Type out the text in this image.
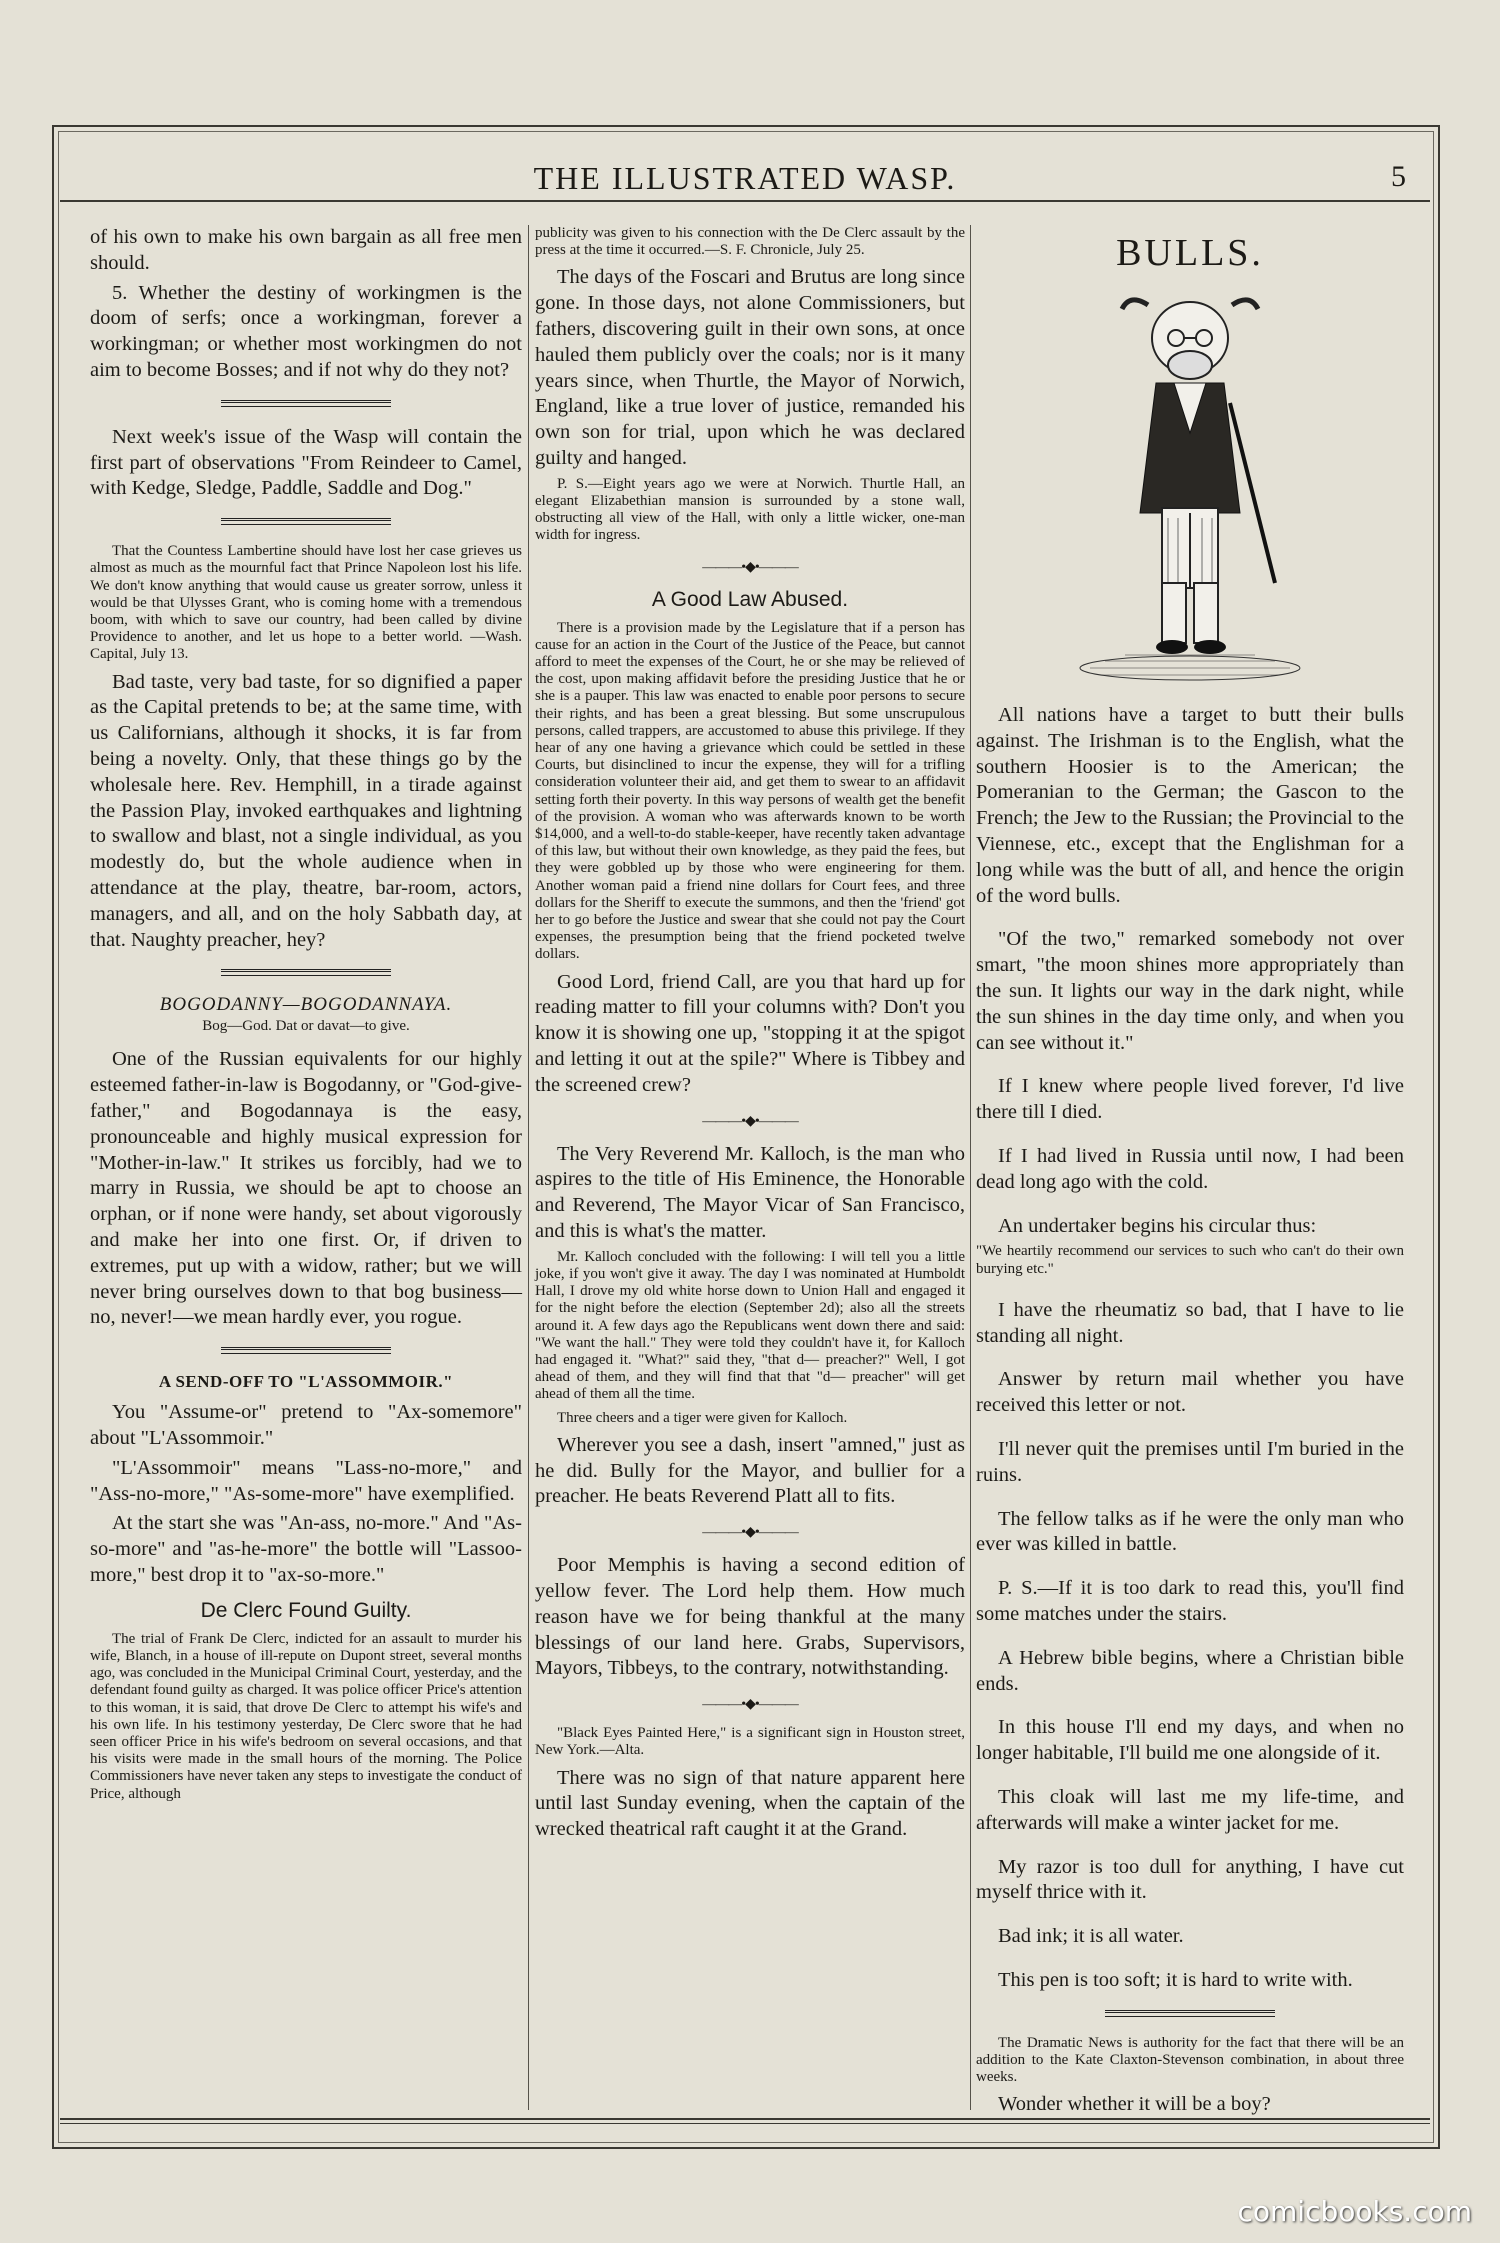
THE ILLUSTRATED WASP.	5

of his own to make his own bargain as all free men should.

5. Whether the destiny of workingmen is the doom of serfs; once a workingman, forever a workingman; or whether most workingmen do not aim to become Bosses; and if not why do they not?

Next week's issue of the Wasp will contain the first part of observations "From Reindeer to Camel, with Kedge, Sledge, Paddle, Saddle and Dog."

That the Countess Lambertine should have lost her case grieves us almost as much as the mournful fact that Prince Napoleon lost his life. We don't know anything that would cause us greater sorrow, unless it would be that Ulysses Grant, who is coming home with a tremendous boom, with which to save our country, had been called by divine Providence to another, and let us hope to a better world. —Wash. Capital, July 13.

Bad taste, very bad taste, for so dignified a paper as the Capital pretends to be; at the same time, with us Californians, although it shocks, it is far from being a novelty. Only, that these things go by the wholesale here. Rev. Hemphill, in a tirade against the Passion Play, invoked earthquakes and lightning to swallow and blast, not a single individual, as you modestly do, but the whole audience when in attendance at the play, theatre, bar-room, actors, managers, and all, and on the holy Sabbath day, at that. Naughty preacher, hey?

BOGODANNY—BOGODANNAYA.
Bog—God. Dat or davat—to give.

One of the Russian equivalents for our highly esteemed father-in-law is Bogodanny, or "God-give-father," and Bogodannaya is the easy, pronounceable and highly musical expression for "Mother-in-law." It strikes us forcibly, had we to marry in Russia, we should be apt to choose an orphan, or if none were handy, set about vigorously and make her into one first. Or, if driven to extremes, put up with a widow, rather; but we will never bring ourselves down to that bog business—no, never!—we mean hardly ever, you rogue.

A SEND-OFF TO "L'ASSOMMOIR."

You "Assume-or" pretend to "Ax-somemore" about "L'Assommoir."

"L'Assommoir" means "Lass-no-more," and "Ass-no-more," "As-some-more" have exemplified.

At the start she was "An-ass, no-more." And "As-so-more" and "as-he-more" the bottle will "Lassoo-more," best drop it to "ax-so-more."

De Clerc Found Guilty.

The trial of Frank De Clerc, indicted for an assault to murder his wife, Blanch, in a house of ill-repute on Dupont street, several months ago, was concluded in the Municipal Criminal Court, yesterday, and the defendant found guilty as charged. It was police officer Price's attention to this woman, it is said, that drove De Clerc to attempt his wife's and his own life. In his testimony yesterday, De Clerc swore that he had seen officer Price in his wife's bedroom on several occasions, and that his visits were made in the small hours of the morning. The Police Commissioners have never taken any steps to investigate the conduct of Price, although

publicity was given to his connection with the De Clerc assault by the press at the time it occurred.—S. F. Chronicle, July 25.

The days of the Foscari and Brutus are long since gone. In those days, not alone Commissioners, but fathers, discovering guilt in their own sons, at once hauled them publicly over the coals; nor is it many years since, when Thurtle, the Mayor of Norwich, England, like a true lover of justice, remanded his own son for trial, upon which he was declared guilty and hanged.

P. S.—Eight years ago we were at Norwich. Thurtle Hall, an elegant Elizabethian mansion is surrounded by a stone wall, obstructing all view of the Hall, with only a little wicker, one-man width for ingress.

———•◆•———
A Good Law Abused.

There is a provision made by the Legislature that if a person has cause for an action in the Court of the Justice of the Peace, but cannot afford to meet the expenses of the Court, he or she may be relieved of the cost, upon making affidavit before the presiding Justice that he or she is a pauper. This law was enacted to enable poor persons to secure their rights, and has been a great blessing. But some unscrupulous persons, called trappers, are accustomed to abuse this privilege. If they hear of any one having a grievance which could be settled in these Courts, but disinclined to incur the expense, they will for a trifling consideration volunteer their aid, and get them to swear to an affidavit setting forth their poverty. In this way persons of wealth get the benefit of the provision. A woman who was afterwards known to be worth $14,000, and a well-to-do stable-keeper, have recently taken advantage of this law, but without their own knowledge, as they paid the fees, but they were gobbled up by those who were engineering for them. Another woman paid a friend nine dollars for Court fees, and three dollars for the Sheriff to execute the summons, and then the 'friend' got her to go before the Justice and swear that she could not pay the Court expenses, the presumption being that the friend pocketed twelve dollars.

Good Lord, friend Call, are you that hard up for reading matter to fill your columns with? Don't you know it is showing one up, "stopping it at the spigot and letting it out at the spile?" Where is Tibbey and the screened crew?

———•◆•———

The Very Reverend Mr. Kalloch, is the man who aspires to the title of His Eminence, the Honorable and Reverend, The Mayor Vicar of San Francisco, and this is what's the matter.

Mr. Kalloch concluded with the following: I will tell you a little joke, if you won't give it away. The day I was nominated at Humboldt Hall, I drove my old white horse down to Union Hall and engaged it for the night before the election (September 2d); also all the streets around it. A few days ago the Republicans went down there and said: "We want the hall." They were told they couldn't have it, for Kalloch had engaged it. "What?" said they, "that d— preacher?" Well, I got ahead of them, and they will find that that "d— preacher" will get ahead of them all the time.

Three cheers and a tiger were given for Kalloch.

Wherever you see a dash, insert "amned," just as he did. Bully for the Mayor, and bullier for a preacher. He beats Reverend Platt all to fits.

———•◆•———

Poor Memphis is having a second edition of yellow fever. The Lord help them. How much reason have we for being thankful at the many blessings of our land here. Grabs, Supervisors, Mayors, Tibbeys, to the contrary, notwithstanding.

———•◆•———

"Black Eyes Painted Here," is a significant sign in Houston street, New York.—Alta.

There was no sign of that nature apparent here until last Sunday evening, when the captain of the wrecked theatrical raft caught it at the Grand.

BULLS.

All nations have a target to butt their bulls against. The Irishman is to the English, what the southern Hoosier is to the American; the Pomeranian to the German; the Gascon to the French; the Jew to the Russian; the Provincial to the Viennese, etc., except that the Englishman for a long while was the butt of all, and hence the origin of the word bulls.

"Of the two," remarked somebody not over smart, "the moon shines more appropriately than the sun. It lights our way in the dark night, while the sun shines in the day time only, and when you can see without it."

If I knew where people lived forever, I'd live there till I died.

If I had lived in Russia until now, I had been dead long ago with the cold.

An undertaker begins his circular thus:

"We heartily recommend our services to such who can't do their own burying etc."

I have the rheumatiz so bad, that I have to lie standing all night.

Answer by return mail whether you have received this letter or not.

I'll never quit the premises until I'm buried in the ruins.

The fellow talks as if he were the only man who ever was killed in battle.

P. S.—If it is too dark to read this, you'll find some matches under the stairs.

A Hebrew bible begins, where a Christian bible ends.

In this house I'll end my days, and when no longer habitable, I'll build me one alongside of it.

This cloak will last me my life-time, and afterwards will make a winter jacket for me.

My razor is too dull for anything, I have cut myself thrice with it.

Bad ink; it is all water.

This pen is too soft; it is hard to write with.

The Dramatic News is authority for the fact that there will be an addition to the Kate Claxton-Stevenson combination, in about three weeks.

Wonder whether it will be a boy?

comicbooks.com
